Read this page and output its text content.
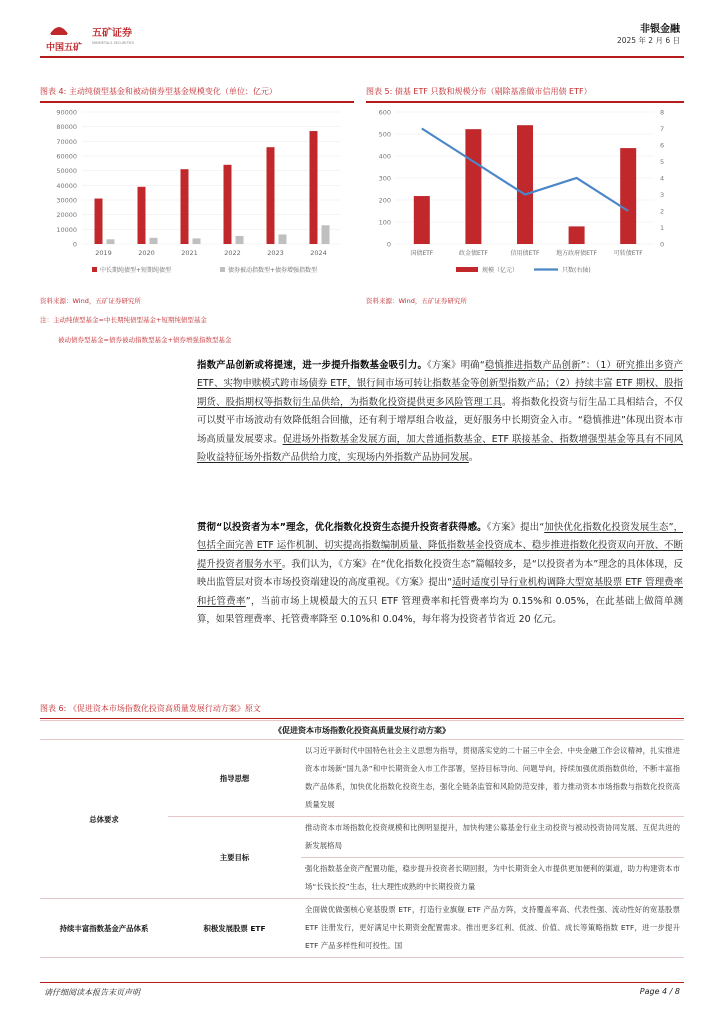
中国五矿
五矿证券
MINMETALS SECURITIES
非银金融
2025 年 2 月 6 日
图表 4: 主动纯债型基金和被动债券型基金规模变化（单位：亿元）
0
10000
20000
30000
40000
50000
60000
70000
80000
90000
2019	2020	2021	2022	2023	2024
中长期纯债型+短期纯债型	债券被动指数型+债券增强指数型
资料来源：Wind，五矿证券研究所
图表 5: 债基 ETF 只数和规模分布（剔除基准做市信用债 ETF）
0
100
200
300
400
500
600
0
1
2
3
4
5
6
7
8
国债ETF	政金债ETF	信用债ETF	地方政府债ETF	可转债ETF
规模（亿元）	只数(右轴)
资料来源：Wind，五矿证券研究所
注：主动纯债型基金=中长期纯债型基金+短期纯债型基金
被动债券型基金=债券被动指数型基金+债券增强指数型基金
指数产品创新或将提速，进一步提升指数基金吸引力。《方案》明确“稳慎推进指数产品创新”：（1）研究推出多资产 ETF、实物申赎模式跨市场债券 ETF，银行间市场可转让指数基金等创新型指数产品；（2）持续丰富 ETF 期权、股指期货、股指期权等指数衍生品供给，为指数化投资提供更多风险管理工具。将指数化投资与衍生品工具相结合，不仅可以熨平市场波动有效降低组合回撤，还有利于增厚组合收益，更好服务中长期资金入市。“稳慎推进”体现出资本市场高质量发展要求。促进场外指数基金发展方面，加大普通指数基金、ETF 联接基金、指数增强型基金等具有不同风险收益特征场外指数产品供给力度，实现场内外指数产品协同发展。
贯彻“以投资者为本”理念，优化指数化投资生态提升投资者获得感。《方案》提出“加快优化指数化投资发展生态”，包括全面完善 ETF 运作机制、切实提高指数编制质量、降低指数基金投资成本、稳步推进指数化投资双向开放、不断提升投资者服务水平。我们认为，《方案》在“优化指数化投资生态”篇幅较多，是“以投资者为本”理念的具体体现，反映出监管层对资本市场投资端建设的高度重视。《方案》提出“适时适度引导行业机构调降大型宽基股票 ETF 管理费率和托管费率”，当前市场上规模最大的五只 ETF 管理费率和托管费率均为 0.15%和 0.05%，在此基础上做简单测算，如果管理费率、托管费率降至 0.10%和 0.04%，每年将为投资者节省近 20 亿元。
图表 6: 《促进资本市场指数化投资高质量发展行动方案》原文
《促进资本市场指数化投资高质量发展行动方案》		
总体要求	指导思想	以习近平新时代中国特色社会主义思想为指导，贯彻落实党的二十届三中全会、中央金融工作会议精神，扎实推进资本市场新“国九条”和中长期资金入市工作部署，坚持目标导向、问题导向，持续加强优质指数供给，不断丰富指数产品体系，加快优化指数化投资生态，强化全链条监管和风险防范安排，着力推动资本市场指数与指数化投资高质量发展
	主要目标	推动资本市场指数化投资规模和比例明显提升，加快构建公募基金行业主动投资与被动投资协同发展、互促共进的新发展格局
		强化指数基金资产配置功能，稳步提升投资者长期回报，为中长期资金入市提供更加便利的渠道，助力构建资本市场“长钱长投”生态，壮大理性成熟的中长期投资力量
持续丰富指数基金产品体系	积极发展股票 ETF	全面做优做强核心宽基股票 ETF，打造行业旗舰 ETF 产品方阵，支持覆盖率高、代表性强、流动性好的宽基股票 ETF 注册发行，更好满足中长期资金配置需求。推出更多红利、低波、价值、成长等策略指数 ETF，进一步提升 ETF 产品多样性和可投性。国
请仔细阅读本报告末页声明	Page 4 / 8
